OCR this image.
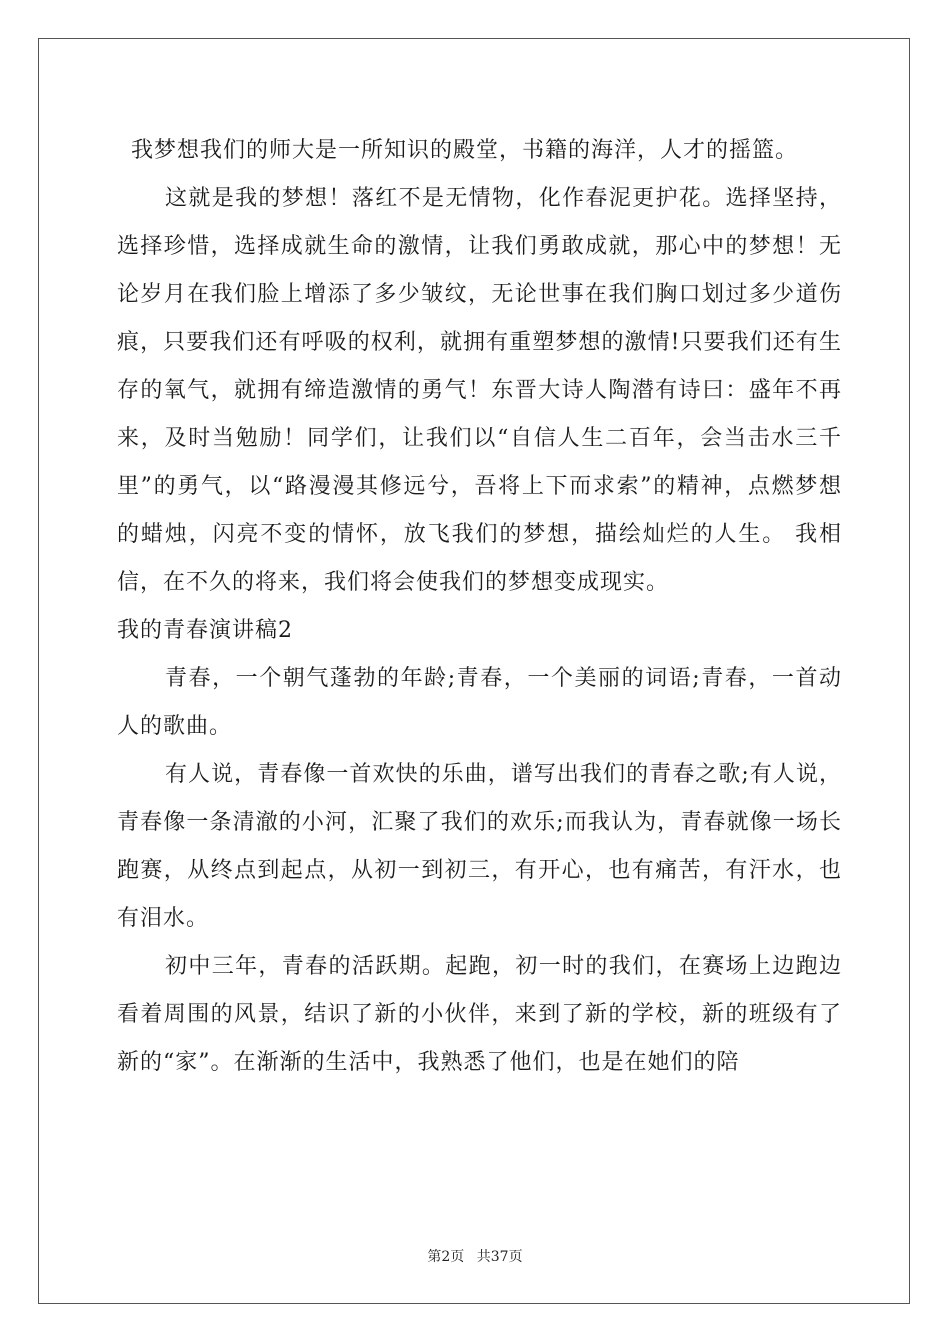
我梦想我们的师大是一所知识的殿堂，书籍的海洋，人才的摇篮。

这就是我的梦想！落红不是无情物，化作春泥更护花。选择坚持，选择珍惜，选择成就生命的激情，让我们勇敢成就，那心中的梦想！无论岁月在我们脸上增添了多少皱纹，无论世事在我们胸口划过多少道伤痕，只要我们还有呼吸的权利，就拥有重塑梦想的激情!只要我们还有生存的氧气，就拥有缔造激情的勇气！东晋大诗人陶潜有诗曰：盛年不再来，及时当勉励！同学们，让我们以“自信人生二百年，会当击水三千里”的勇气，以“路漫漫其修远兮，吾将上下而求索”的精神，点燃梦想的蜡烛，闪亮不变的情怀，放飞我们的梦想，描绘灿烂的人生。 我相信，在不久的将来，我们将会使我们的梦想变成现实。

我的青春演讲稿2

青春，一个朝气蓬勃的年龄;青春，一个美丽的词语;青春，一首动人的歌曲。

有人说，青春像一首欢快的乐曲，谱写出我们的青春之歌;有人说，青春像一条清澈的小河，汇聚了我们的欢乐;而我认为，青春就像一场长跑赛，从终点到起点，从初一到初三，有开心，也有痛苦，有汗水，也有泪水。

初中三年，青春的活跃期。起跑，初一时的我们，在赛场上边跑边看着周围的风景，结识了新的小伙伴，来到了新的学校，新的班级有了新的“家”。在渐渐的生活中，我熟悉了他们，也是在她们的陪

第2页 共37页
